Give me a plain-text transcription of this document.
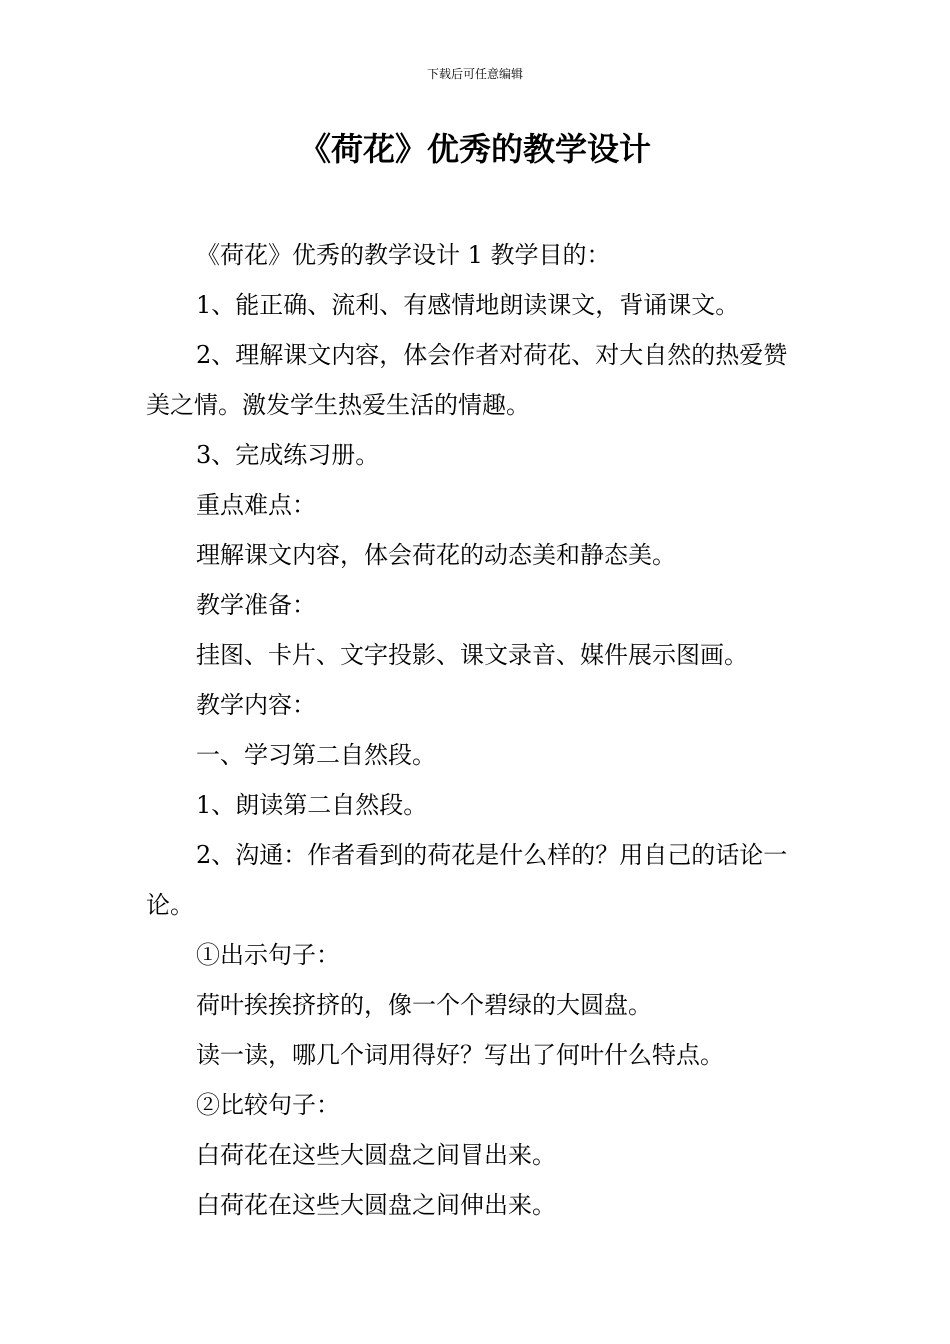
下载后可任意编辑
《荷花》优秀的教学设计

《荷花》优秀的教学设计 1 教学目的：

1、能正确、流利、有感情地朗读课文，背诵课文。

2、理解课文内容，体会作者对荷花、对大自然的热爱赞美之情。激发学生热爱生活的情趣。

3、完成练习册。

重点难点：

理解课文内容，体会荷花的动态美和静态美。

教学准备：

挂图、卡片、文字投影、课文录音、媒件展示图画。

教学内容：

一、学习第二自然段。

1、朗读第二自然段。

2、沟通：作者看到的荷花是什么样的？用自己的话论一论。

①出示句子：

荷叶挨挨挤挤的，像一个个碧绿的大圆盘。

读一读，哪几个词用得好？写出了何叶什么特点。

②比较句子：

白荷花在这些大圆盘之间冒出来。

白荷花在这些大圆盘之间伸出来。
